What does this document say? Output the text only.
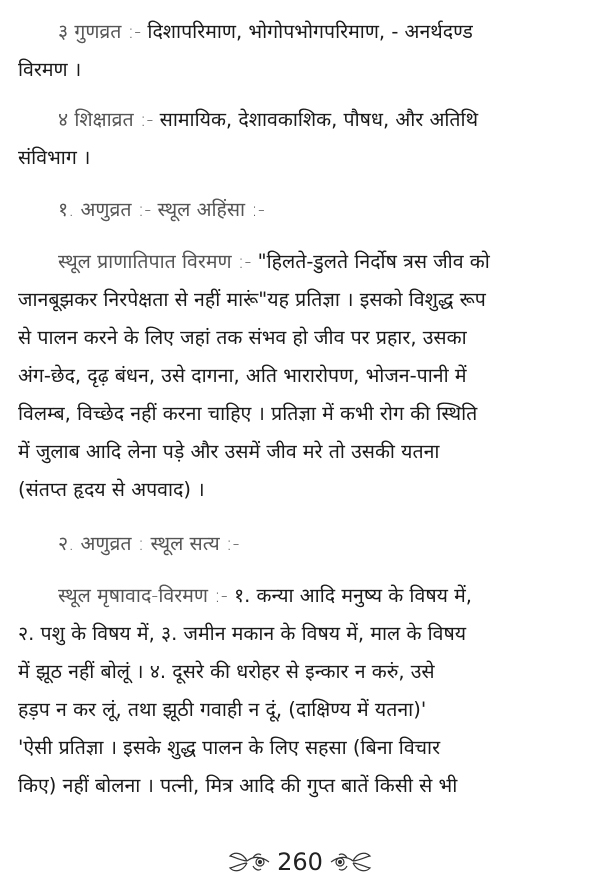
३ गुणव्रत :- दिशापरिमाण, भोगोपभोगपरिमाण, - अनर्थदण्ड
विरमण ।
४ शिक्षाव्रत :- सामायिक, देशावकाशिक, पौषध, और अतिथि
संविभाग ।
१. अणुव्रत :- स्थूल अहिंसा :-
स्थूल प्राणातिपात विरमण :- "हिलते-डुलते निर्दोष त्रस जीव को
जानबूझकर निरपेक्षता से नहीं मारूं"यह प्रतिज्ञा । इसको विशुद्ध रूप
से पालन करने के लिए जहां तक संभव हो जीव पर प्रहार, उसका
अंग-छेद, दृढ़ बंधन, उसे दागना, अति भारारोपण, भोजन-पानी में
विलम्ब, विच्छेद नहीं करना चाहिए । प्रतिज्ञा में कभी रोग की स्थिति
में जुलाब आदि लेना पड़े और उसमें जीव मरे तो उसकी यतना
(संतप्त हृदय से अपवाद) ।
२. अणुव्रत : स्थूल सत्य :-
स्थूल मृषावाद-विरमण :- १. कन्या आदि मनुष्य के विषय में,
२. पशु के विषय में, ३. जमीन मकान के विषय में, माल के विषय
में झूठ नहीं बोलूं । ४. दूसरे की धरोहर से इन्कार न करुं, उसे
हड़प न कर लूं, तथा झूठी गवाही न दूं, (दाक्षिण्य में यतना)'
'ऐसी प्रतिज्ञा । इसके शुद्ध पालन के लिए सहसा (बिना विचार
किए) नहीं बोलना । पत्नी, मित्र आदि की गुप्त बातें किसी से भी
260
